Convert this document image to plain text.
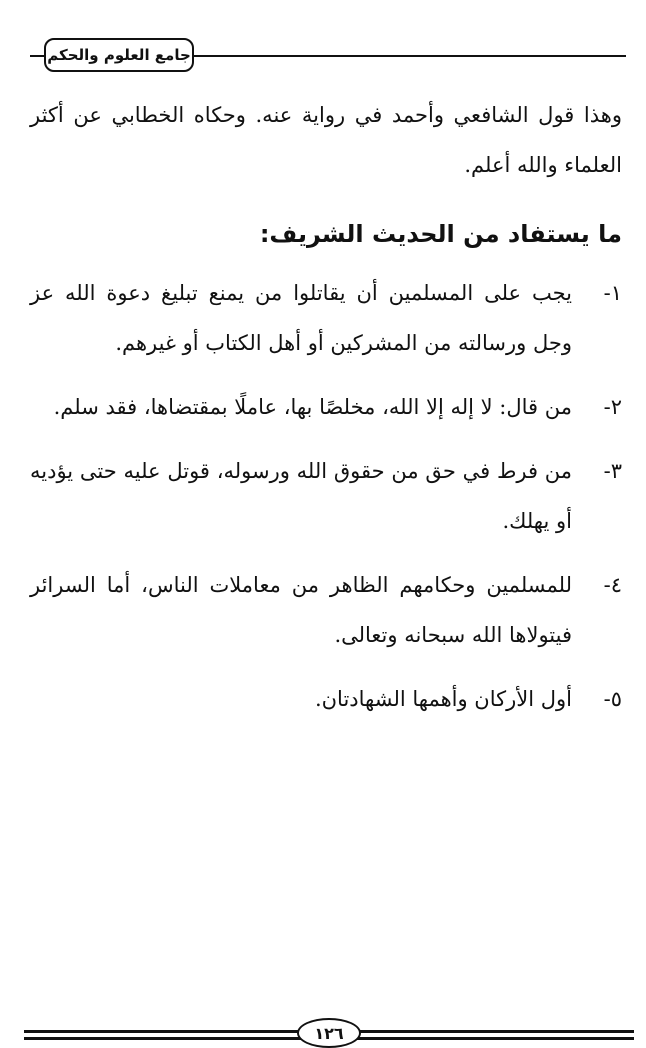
جامع العلوم والحكم

وهذا قول الشافعي وأحمد في رواية عنه. وحكاه الخطابي عن أكثر العلماء والله أعلم.

ما يستفاد من الحديث الشريف:
١-
يجب على المسلمين أن يقاتلوا من يمنع تبليغ دعوة الله عز وجل ورسالته من المشركين أو أهل الكتاب أو غيرهم.
٢-
من قال: لا إله إلا الله، مخلصًا بها، عاملًا بمقتضاها، فقد سلم.
٣-
من فرط في حق من حقوق الله ورسوله، قوتل عليه حتى يؤديه أو يهلك.
٤-
للمسلمين وحكامهم الظاهر من معاملات الناس، أما السرائر فيتولاها الله سبحانه وتعالى.
٥-
أول الأركان وأهمها الشهادتان.
١٢٦
